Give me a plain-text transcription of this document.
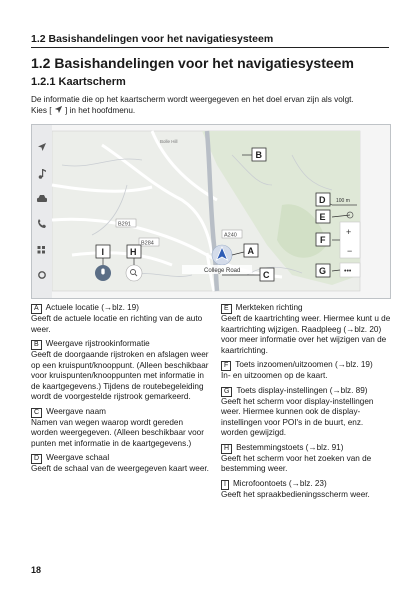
1.2 Basishandelingen voor het navigatiesysteem
1.2 Basishandelingen voor het navigatiesysteem
1.2.1 Kaartscherm
De informatie die op het kaartscherm wordt weergegeven en het doel ervan zijn als volgt.
Kies [ ] in het hoofdmenu.
B291
B284
A240
Bolle Hill
+
−
•••
100 m
College Road
A
B
C
D
E
F
G
H
I
A Actuele locatie (→blz. 19)
Geeft de actuele locatie en richting van de auto weer.
B Weergave rijstrookinformatie
Geeft de doorgaande rijstroken en afslagen weer op een kruispunt/knooppunt. (Alleen beschikbaar voor kruispunten/knooppunten met informatie in de kaartgegevens.) Tijdens de routebegeleiding wordt de voorgestelde rijstrook gemarkeerd.
C Weergave naam
Namen van wegen waarop wordt gereden worden weergegeven. (Alleen beschikbaar voor punten met informatie in de kaartgegevens.)
D Weergave schaal
Geeft de schaal van de weergegeven kaart weer.
E Merkteken richting
Geeft de kaartrichting weer. Hiermee kunt u de kaartrichting wijzigen. Raadpleeg (→blz. 20) voor meer informatie over het wijzigen van de kaartrichting.
F Toets inzoomen/uitzoomen (→blz. 19)
In- en uitzoomen op de kaart.
G Toets display-instellingen (→blz. 89)
Geeft het scherm voor display-instellingen weer. Hiermee kunnen ook de display-instellingen voor POI's in de buurt, enz. worden gewijzigd.
H Bestemmingstoets (→blz. 91)
Geeft het scherm voor het zoeken van de bestemming weer.
I Microfoontoets (→blz. 23)
Geeft het spraakbedieningsscherm weer.
18
